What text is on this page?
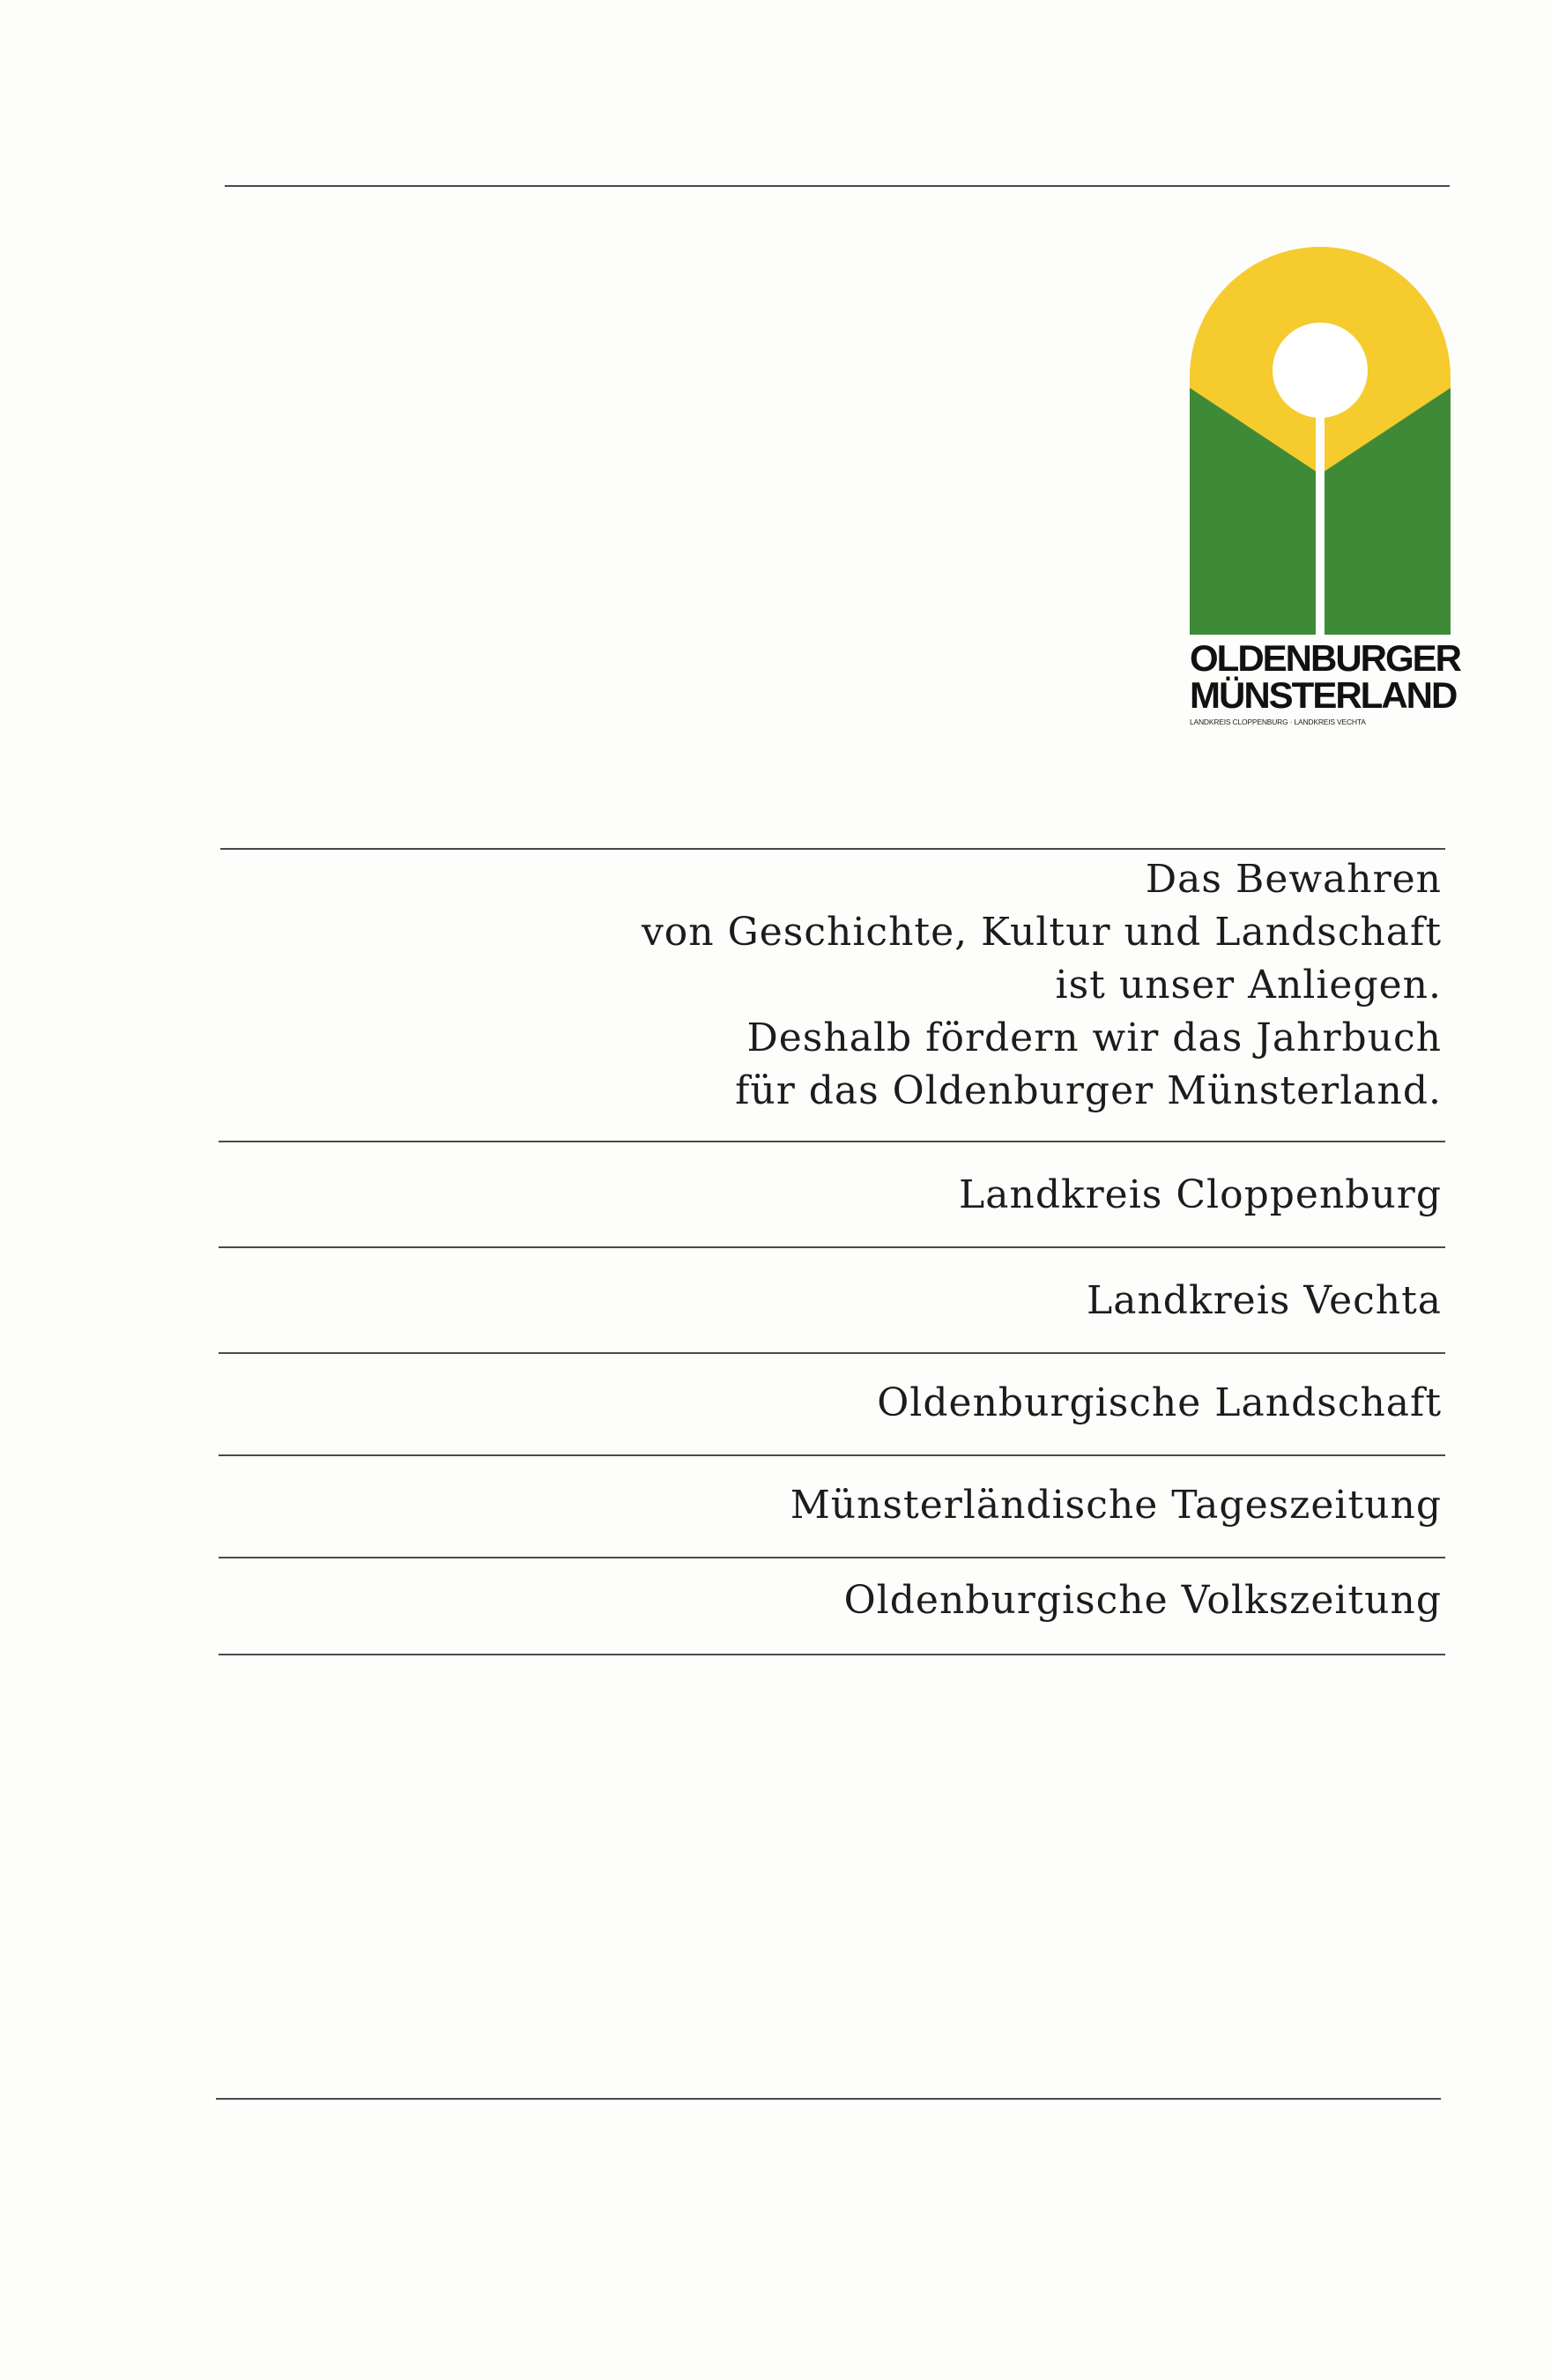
OLDENBURGER
MÜNSTERLAND
LANDKREIS CLOPPENBURG · LANDKREIS VECHTA
Das Bewahren
von Geschichte, Kultur und Landschaft
ist unser Anliegen.
Deshalb fördern wir das Jahrbuch
für das Oldenburger Münsterland.
Landkreis Cloppenburg
Landkreis Vechta
Oldenburgische Landschaft
Münsterländische Tageszeitung
Oldenburgische Volkszeitung
